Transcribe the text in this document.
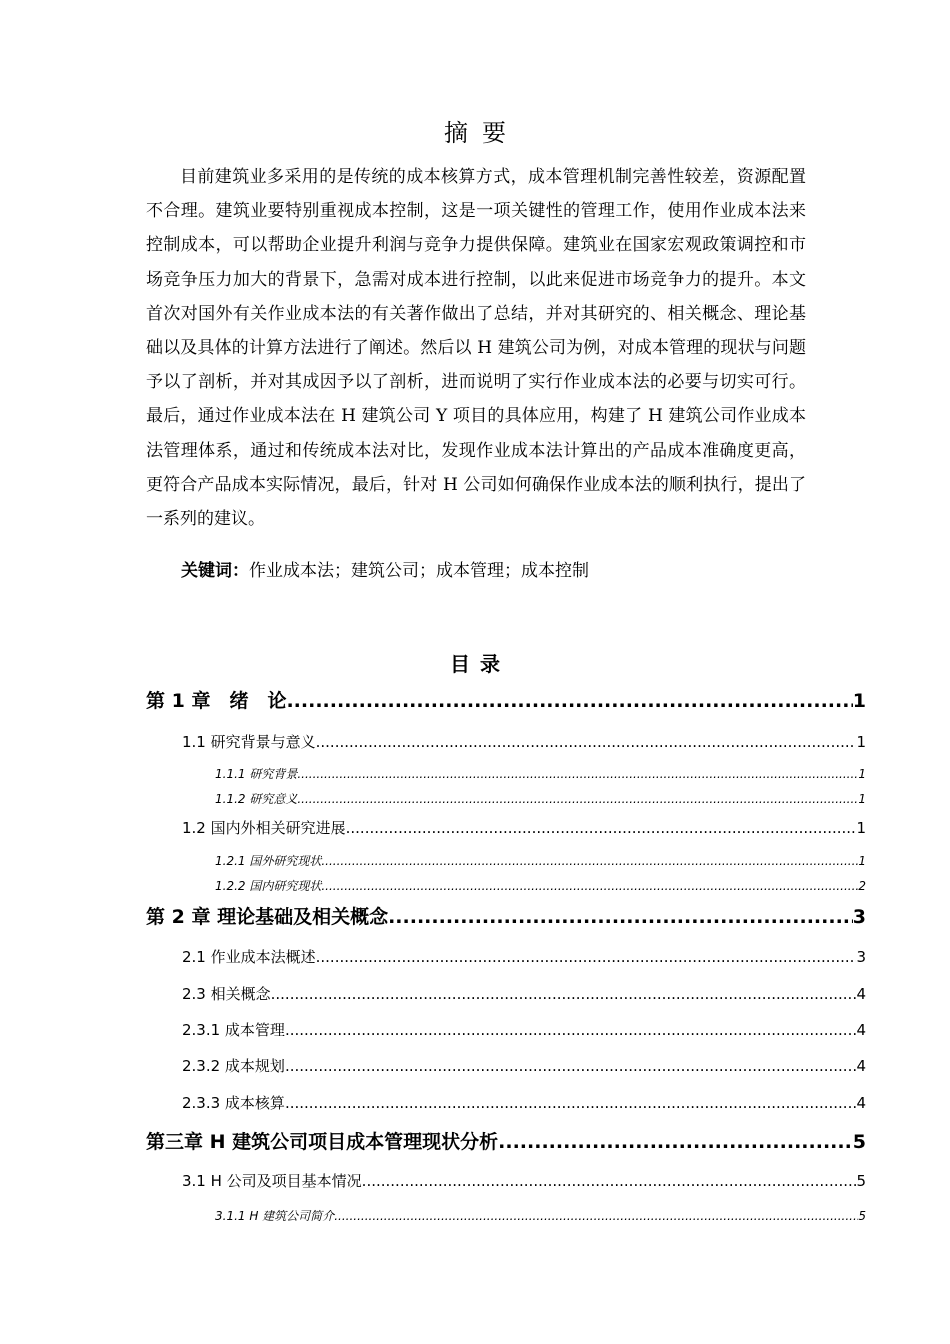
摘要

目前建筑业多采用的是传统的成本核算方式，成本管理机制完善性较差，资源配置不合理。建筑业要特别重视成本控制，这是一项关键性的管理工作，使用作业成本法来控制成本，可以帮助企业提升利润与竞争力提供保障。建筑业在国家宏观政策调控和市场竞争压力加大的背景下，急需对成本进行控制，以此来促进市场竞争力的提升。本文首次对国外有关作业成本法的有关著作做出了总结，并对其研究的、相关概念、理论基础以及具体的计算方法进行了阐述。然后以 H 建筑公司为例，对成本管理的现状与问题予以了剖析，并对其成因予以了剖析，进而说明了实行作业成本法的必要与切实可行。最后，通过作业成本法在 H 建筑公司 Y 项目的具体应用，构建了 H 建筑公司作业成本法管理体系，通过和传统成本法对比，发现作业成本法计算出的产品成本准确度更高，更符合产品成本实际情况，最后，针对 H 公司如何确保作业成本法的顺利执行，提出了一系列的建议。

关键词：作业成本法；建筑公司；成本管理；成本控制
目录
第 1 章　绪　论 .....	1
1.1 研究背景与意义 .....	1
1.1.1 研究背景 .....	1
1.1.2 研究意义 .....	1
1.2 国内外相关研究进展 .....	1
1.2.1 国外研究现状 .....	1
1.2.2 国内研究现状 .....	2
第 2 章 理论基础及相关概念 .....	3
2.1 作业成本法概述 .....	3
2.3 相关概念 .....	4
2.3.1 成本管理 .....	4
2.3.2 成本规划 .....	4
2.3.3 成本核算 .....	4
第三章 H 建筑公司项目成本管理现状分析 .....	5
3.1 H 公司及项目基本情况 .....	5
3.1.1 H 建筑公司简介 .....	5
